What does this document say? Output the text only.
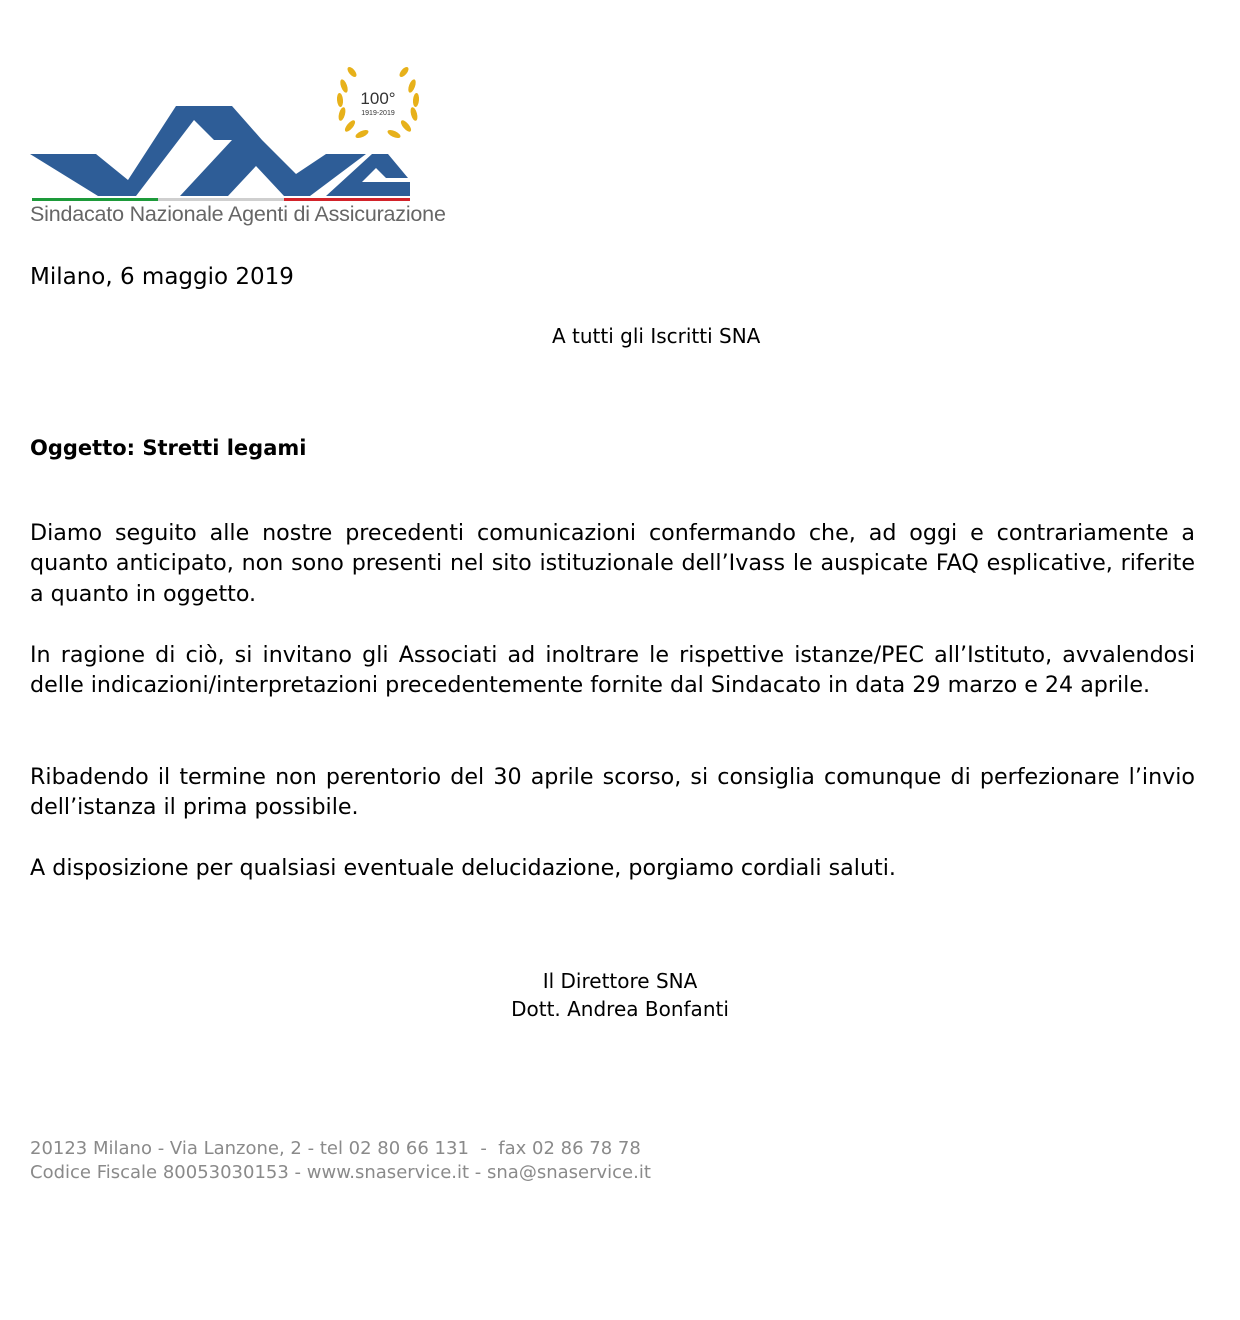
100°
1919-2019
Sindacato Nazionale Agenti di Assicurazione
Milano, 6 maggio 2019
A tutti gli Iscritti SNA
Oggetto: Stretti legami

Diamo seguito alle nostre precedenti comunicazioni confermando che, ad oggi e contrariamente a quanto anticipato, non sono presenti nel sito istituzionale dell’Ivass le auspicate FAQ esplicative, riferite a quanto in oggetto.

In ragione di ciò, si invitano gli Associati ad inoltrare le rispettive istanze/PEC all’Istituto, avvalendosi delle indicazioni/interpretazioni precedentemente fornite dal Sindacato in data 29 marzo e 24 aprile.

Ribadendo il termine non perentorio del 30 aprile scorso, si consiglia comunque di perfezionare l’invio dell’istanza il prima possibile.

A disposizione per qualsiasi eventuale delucidazione, porgiamo cordiali saluti.

Il Direttore SNA
Dott. Andrea Bonfanti
20123 Milano - Via Lanzone, 2 - tel 02 80 66 131  -  fax 02 86 78 78
Codice Fiscale 80053030153 - www.snaservice.it - sna@snaservice.it
